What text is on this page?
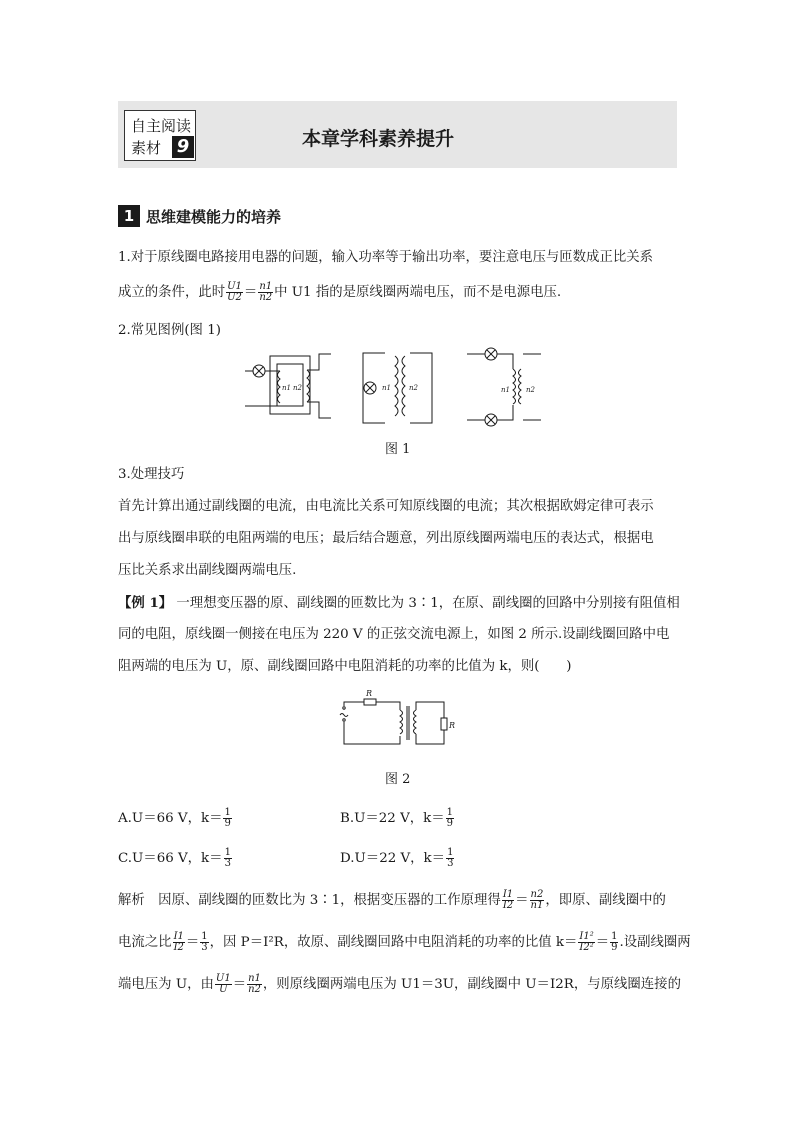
自主阅读
素材 9	本章学科素养提升
1 思维建模能力的培养
1.对于原线圈电路接用电器的问题，输入功率等于输出功率，要注意电压与匝数成正比关系
成立的条件，此时 $\frac{U1}{U2} = \frac{n1}{n2}$ 中 U1 指的是原线圈两端电压，而不是电源电压.
2.常见图例(图 1)
n1 n2	n1	n2	n1 n2
图 1
3.处理技巧
首先计算出通过副线圈的电流，由电流比关系可知原线圈的电流；其次根据欧姆定律可表示
出与原线圈串联的电阻两端的电压；最后结合题意，列出原线圈两端电压的表达式，根据电
压比关系求出副线圈两端电压.
【例 1】 一理想变压器的原、副线圈的匝数比为 3∶1，在原、副线圈的回路中分别接有阻值相
同的电阻，原线圈一侧接在电压为 220 V 的正弦交流电源上，如图 2 所示.设副线圈回路中电
阻两端的电压为 U，原、副线圈回路中电阻消耗的功率的比值为 k，则(　　)
R
R
图 2
A.U＝66 V，$k= \frac{1}{9}$	B.U＝22 V，$k= \frac{1}{9}$
C.U＝66 V，$k= \frac{1}{3}$	D.U＝22 V，$k= \frac{1}{3}$
解析　因原、副线圈的匝数比为 3∶1，根据变压器的工作原理得 $\frac{I1}{I2} = \frac{n2}{n1}$ ，即原、副线圈中的
电流之比 $\frac{I1}{I2} = \frac{1}{3}$ ，因 P＝I²R，故原、副线圈回路中电阻消耗的功率的比值 $k= \frac{\text{I1²}}{\text{I2²}} = \frac{1}{9}$ .设副线圈两
端电压为 U，由 $\frac{U1}{U} = \frac{n1}{n2}$ ，则原线圈两端电压为 U1＝3U，副线圈中 U＝I2R，与原线圈连接的
